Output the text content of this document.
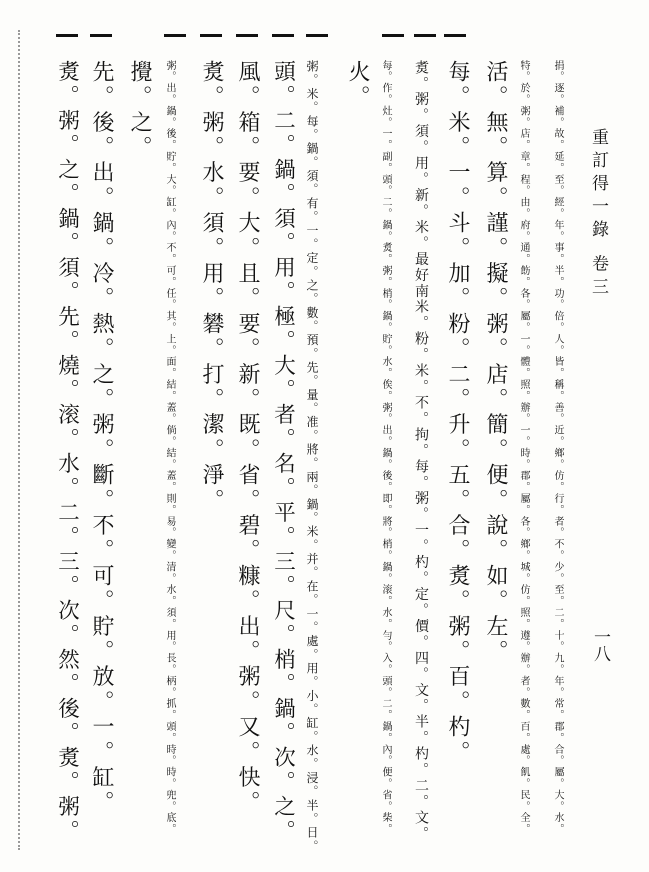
重訂得一錄 卷三
一八
捐。逐。補。故。延。至。經。年。事。半。功。倍。人。皆。稱。善。近。鄉。仿。行。者。不。少。至。二。十。九。年。常。郡。合。屬。大。水。
特。於。粥。店。章。程。由。府。通。飭。各。屬。一。體。照。辦。一。時。郡。屬。各。鄉。城。仿。照。遵。辦。者。數。百。處。飢。民。全。
活。無。算。謹。擬。粥。店。簡。便。說。如。左。
每。米。一。斗。加。粉。二。升。五。合。煑。粥。百。杓。
煑。粥。須。用。新。米。最好南米。粉。米。不。拘。每。粥。一。杓。定。價。四。文。半。杓。二。文。
每。作。灶。一。副。頭。二。鍋。煑。粥。梢。鍋。貯。水。俟。粥。出。鍋。後。即。將。梢。鍋。滚。水。勻。入。頭。二。鍋。內。便。省。柴。
火。
粥。米。每。鍋。須。有。一。定。之。數。預。先。量。准。將。兩。鍋。米。并。在。一。處。用。小。缸。水。浸。半。日。
頭。二。鍋。須。用。極。大。者。名。平。三。尺。梢。鍋。次。之。
風。箱。要。大。且。要。新。既。省。碧。糠。出。粥。又。快。
煑。粥。水。須。用。礬。打。潔。淨。
粥。出。鍋。後。貯。大。缸。內。不。可。任。其。上。面。結。蓋。倘。結。蓋。則。易。變。清。水。須。用。長。柄。抓。頭。時。時。兜。底。
攪。之。
先。後。出。鍋。冷。熱。之。粥。斷。不。可。貯。放。一。缸。
煑。粥。之。鍋。須。先。燒。滚。水。二。三。次。然。後。煑。粥。
